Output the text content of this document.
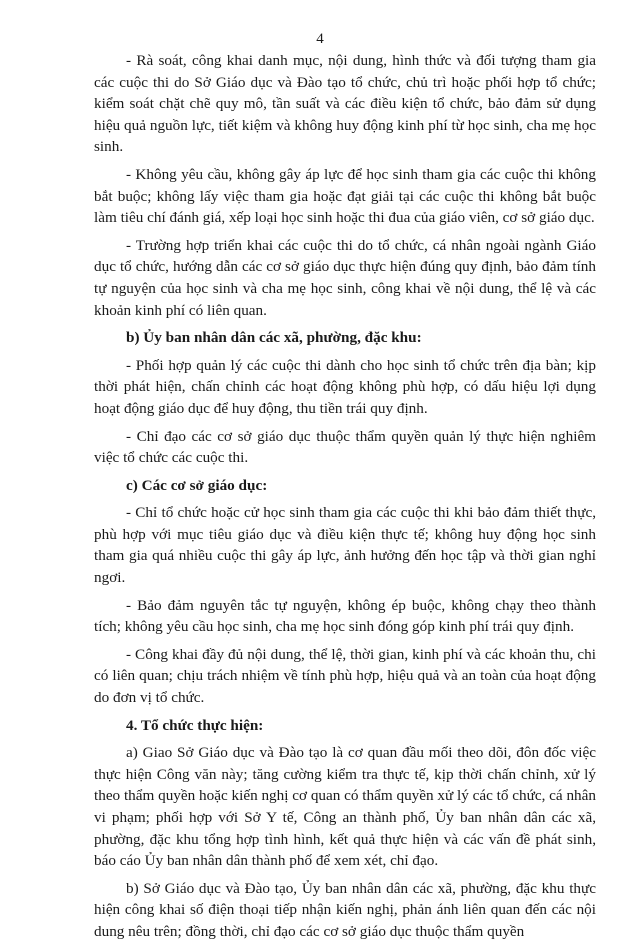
4

- Rà soát, công khai danh mục, nội dung, hình thức và đối tượng tham gia các cuộc thi do Sở Giáo dục và Đào tạo tổ chức, chủ trì hoặc phối hợp tổ chức; kiểm soát chặt chẽ quy mô, tần suất và các điều kiện tổ chức, bảo đảm sử dụng hiệu quả nguồn lực, tiết kiệm và không huy động kinh phí từ học sinh, cha mẹ học sinh.

- Không yêu cầu, không gây áp lực để học sinh tham gia các cuộc thi không bắt buộc; không lấy việc tham gia hoặc đạt giải tại các cuộc thi không bắt buộc làm tiêu chí đánh giá, xếp loại học sinh hoặc thi đua của giáo viên, cơ sở giáo dục.

- Trường hợp triển khai các cuộc thi do tổ chức, cá nhân ngoài ngành Giáo dục tổ chức, hướng dẫn các cơ sở giáo dục thực hiện đúng quy định, bảo đảm tính tự nguyện của học sinh và cha mẹ học sinh, công khai về nội dung, thể lệ và các khoản kinh phí có liên quan.

b) Ủy ban nhân dân các xã, phường, đặc khu:

- Phối hợp quản lý các cuộc thi dành cho học sinh tổ chức trên địa bàn; kịp thời phát hiện, chấn chỉnh các hoạt động không phù hợp, có dấu hiệu lợi dụng hoạt động giáo dục để huy động, thu tiền trái quy định.

- Chỉ đạo các cơ sở giáo dục thuộc thẩm quyền quản lý thực hiện nghiêm việc tổ chức các cuộc thi.

c) Các cơ sở giáo dục:

- Chỉ tổ chức hoặc cử học sinh tham gia các cuộc thi khi bảo đảm thiết thực, phù hợp với mục tiêu giáo dục và điều kiện thực tế; không huy động học sinh tham gia quá nhiều cuộc thi gây áp lực, ảnh hưởng đến học tập và thời gian nghỉ ngơi.

- Bảo đảm nguyên tắc tự nguyện, không ép buộc, không chạy theo thành tích; không yêu cầu học sinh, cha mẹ học sinh đóng góp kinh phí trái quy định.

- Công khai đầy đủ nội dung, thể lệ, thời gian, kinh phí và các khoản thu, chi có liên quan; chịu trách nhiệm về tính phù hợp, hiệu quả và an toàn của hoạt động do đơn vị tổ chức.

4. Tổ chức thực hiện:

a) Giao Sở Giáo dục và Đào tạo là cơ quan đầu mối theo dõi, đôn đốc việc thực hiện Công văn này; tăng cường kiểm tra thực tế, kịp thời chấn chỉnh, xử lý theo thẩm quyền hoặc kiến nghị cơ quan có thẩm quyền xử lý các tổ chức, cá nhân vi phạm; phối hợp với Sở Y tế, Công an thành phố, Ủy ban nhân dân các xã, phường, đặc khu tổng hợp tình hình, kết quả thực hiện và các vấn đề phát sinh, báo cáo Ủy ban nhân dân thành phố để xem xét, chỉ đạo.

b) Sở Giáo dục và Đào tạo, Ủy ban nhân dân các xã, phường, đặc khu thực hiện công khai số điện thoại tiếp nhận kiến nghị, phản ánh liên quan đến các nội dung nêu trên; đồng thời, chỉ đạo các cơ sở giáo dục thuộc thẩm quyền
